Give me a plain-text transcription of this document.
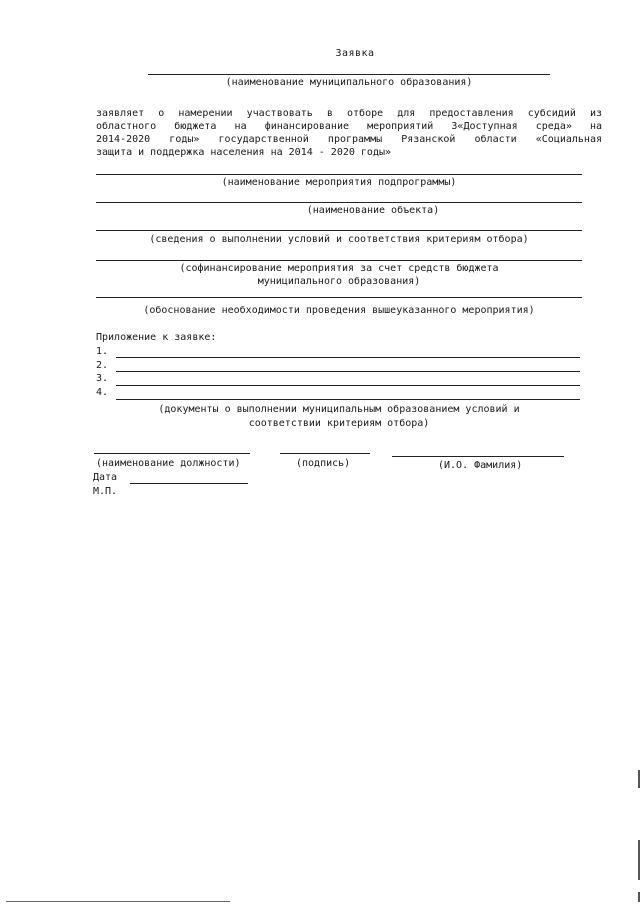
Заявка
(наименование муниципального образования)
заявляет о намерении участвовать в отборе для предоставления субсидий из
областного бюджета на финансирование мероприятий 3«Доступная среда» на
2014-2020 годы» государственной программы Рязанской области «Социальная
защита и поддержка населения на 2014 - 2020 годы»
(наименование мероприятия подпрограммы)
(наименование объекта)
(сведения о выполнении условий и соответствия критериям отбора)
(софинансирование мероприятия за счет средств бюджета
муниципального образования)
(обоснование необходимости проведения вышеуказанного мероприятия)
Приложение к заявке:
1.
2.
3.
4.
(документы о выполнении муниципальным образованием условий и
соответствии критериям отбора)
(наименование должности)	(подпись)	(И.О. Фамилия)
Дата
М.П.
